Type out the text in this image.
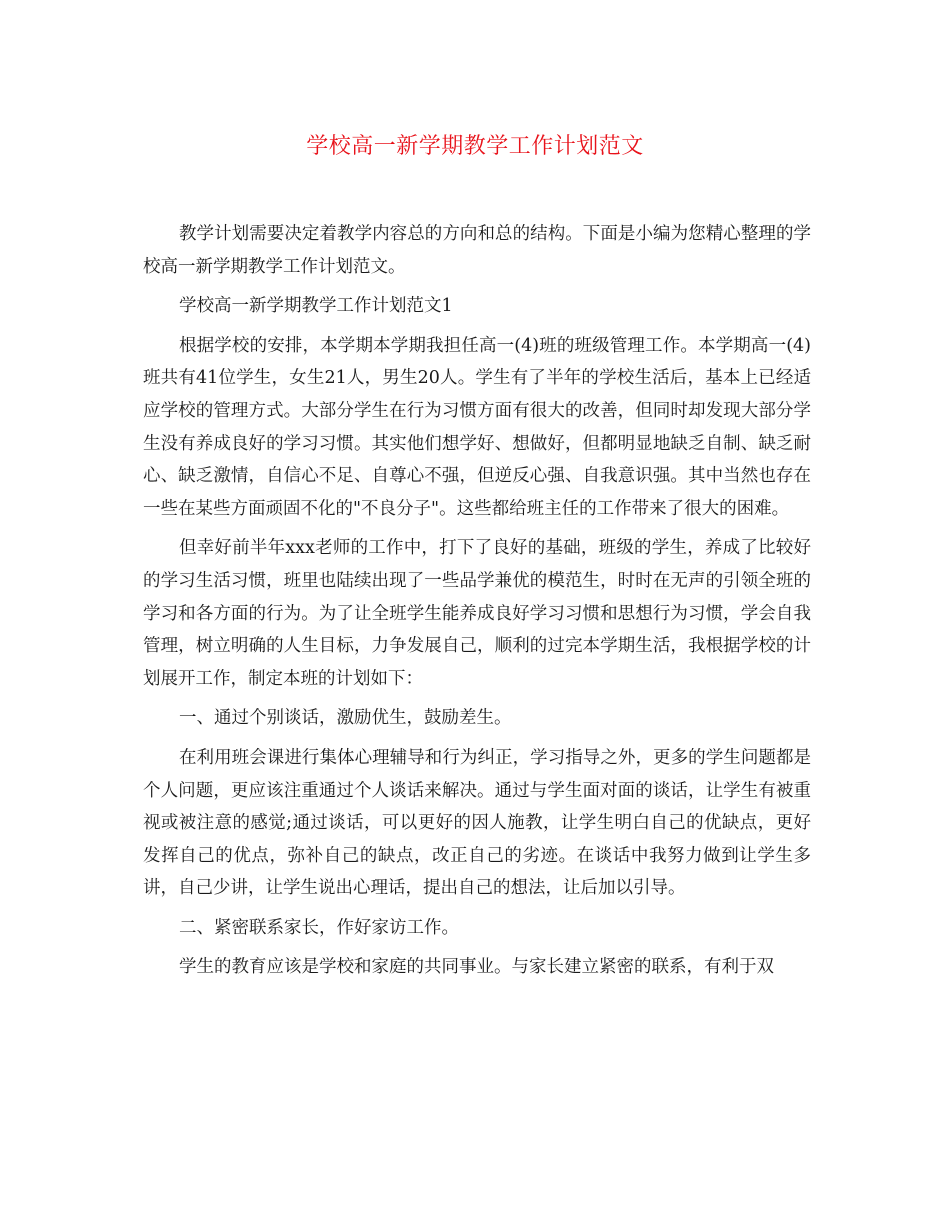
学校高一新学期教学工作计划范文

教学计划需要决定着教学内容总的方向和总的结构。下面是小编为您精心整理的学校高一新学期教学工作计划范文。

学校高一新学期教学工作计划范文1

根据学校的安排，本学期本学期我担任高一(4)班的班级管理工作。本学期高一(4)班共有41位学生，女生21人，男生20人。学生有了半年的学校生活后，基本上已经适应学校的管理方式。大部分学生在行为习惯方面有很大的改善，但同时却发现大部分学生没有养成良好的学习习惯。其实他们想学好、想做好，但都明显地缺乏自制、缺乏耐心、缺乏激情，自信心不足、自尊心不强，但逆反心强、自我意识强。其中当然也存在一些在某些方面顽固不化的"不良分子"。这些都给班主任的工作带来了很大的困难。

但幸好前半年xxx老师的工作中，打下了良好的基础，班级的学生，养成了比较好的学习生活习惯，班里也陆续出现了一些品学兼优的模范生，时时在无声的引领全班的学习和各方面的行为。为了让全班学生能养成良好学习习惯和思想行为习惯，学会自我管理，树立明确的人生目标，力争发展自己，顺利的过完本学期生活，我根据学校的计划展开工作，制定本班的计划如下：

一、通过个别谈话，激励优生，鼓励差生。

在利用班会课进行集体心理辅导和行为纠正，学习指导之外，更多的学生问题都是个人问题，更应该注重通过个人谈话来解决。通过与学生面对面的谈话，让学生有被重视或被注意的感觉;通过谈话，可以更好的因人施教，让学生明白自己的优缺点，更好发挥自己的优点，弥补自己的缺点，改正自己的劣迹。在谈话中我努力做到让学生多讲，自己少讲，让学生说出心理话，提出自己的想法，让后加以引导。

二、紧密联系家长，作好家访工作。

学生的教育应该是学校和家庭的共同事业。与家长建立紧密的联系，有利于双
